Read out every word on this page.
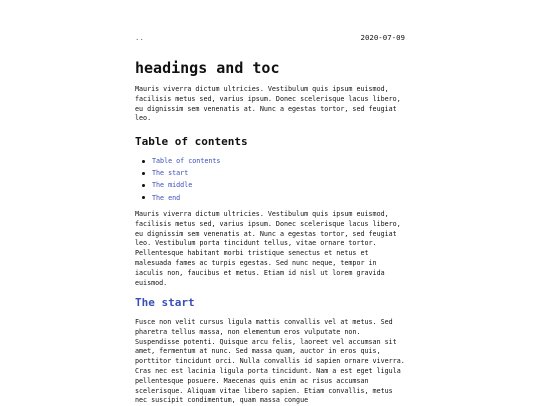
..	2020-07-09
headings and toc

Mauris viverra dictum ultricies. Vestibulum quis ipsum euismod, facilisis metus sed, varius ipsum. Donec scelerisque lacus libero, eu dignissim sem venenatis at. Nunc a egestas tortor, sed feugiat leo.

Table of contents
Table of contents
The start
The middle
The end

Mauris viverra dictum ultricies. Vestibulum quis ipsum euismod, facilisis metus sed, varius ipsum. Donec scelerisque lacus libero, eu dignissim sem venenatis at. Nunc a egestas tortor, sed feugiat leo. Vestibulum porta tincidunt tellus, vitae ornare tortor. Pellentesque habitant morbi tristique senectus et netus et malesuada fames ac turpis egestas. Sed nunc neque, tempor in iaculis non, faucibus et metus. Etiam id nisl ut lorem gravida euismod.

The start

Fusce non velit cursus ligula mattis convallis vel at metus. Sed pharetra tellus massa, non elementum eros vulputate non. Suspendisse potenti. Quisque arcu felis, laoreet vel accumsan sit amet, fermentum at nunc. Sed massa quam, auctor in eros quis, porttitor tincidunt orci. Nulla convallis id sapien ornare viverra. Cras nec est lacinia ligula porta tincidunt. Nam a est eget ligula pellentesque posuere. Maecenas quis enim ac risus accumsan scelerisque. Aliquam vitae libero sapien. Etiam convallis, metus nec suscipit condimentum, quam massa congue
